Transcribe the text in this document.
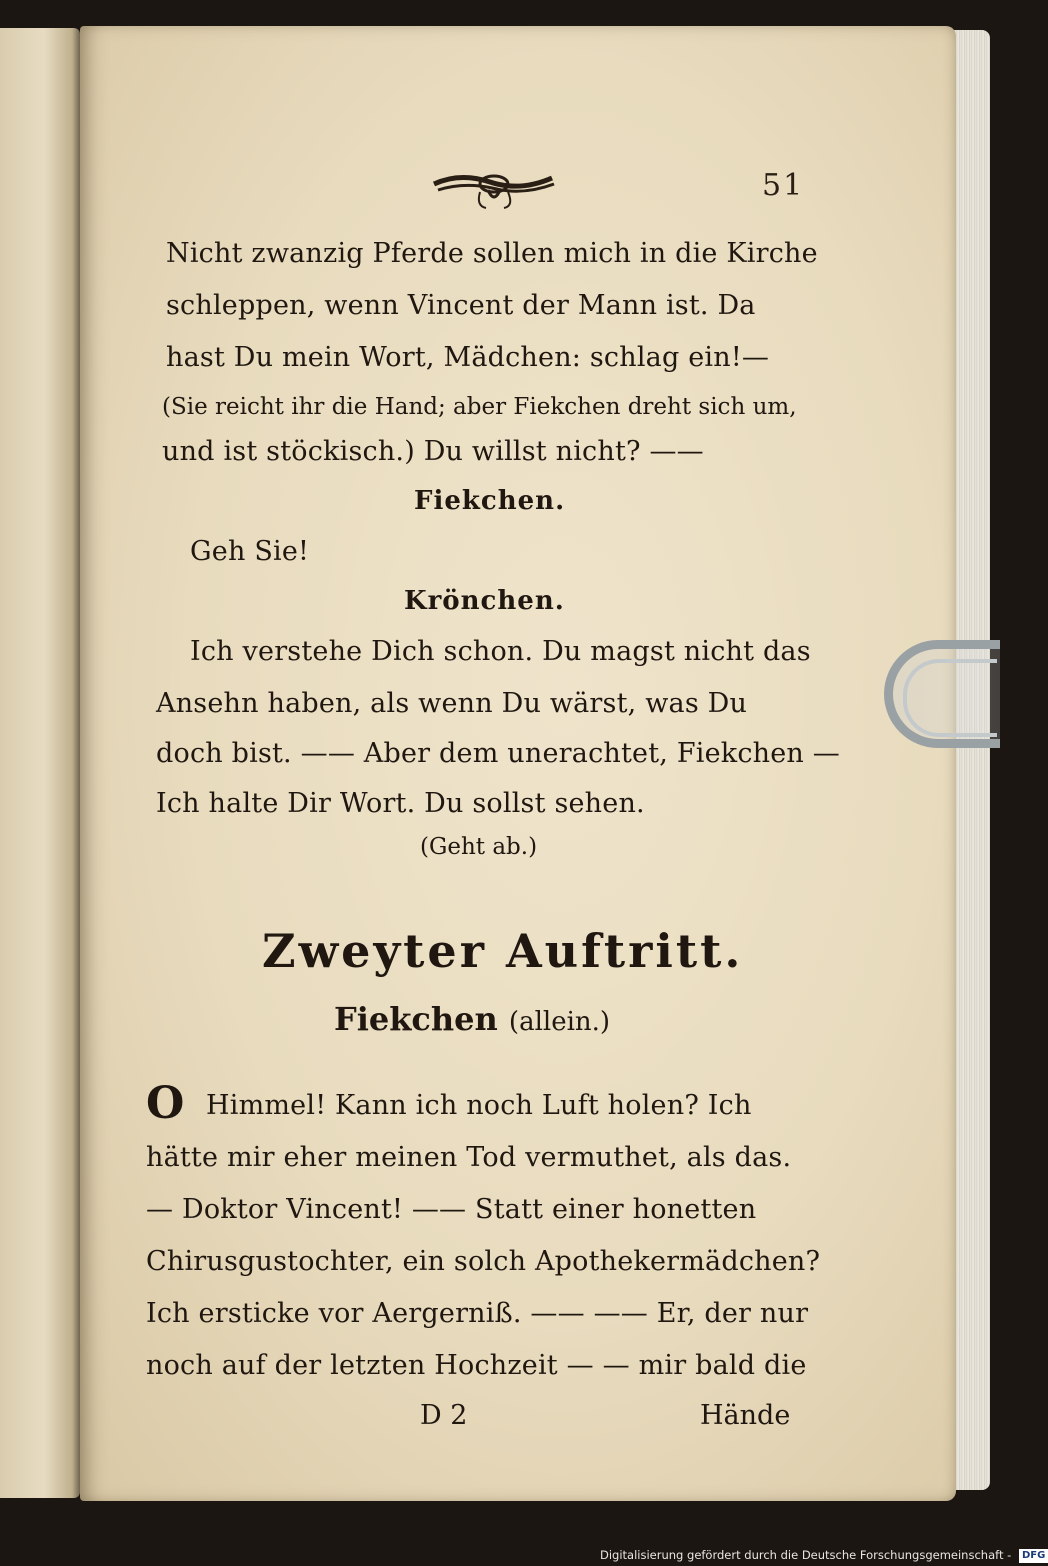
51
Nicht zwanzig Pferde sollen mich in die Kirche
schleppen, wenn Vincent der Mann ist. Da
hast Du mein Wort, Mädchen: schlag ein!—
(Sie reicht ihr die Hand; aber Fiekchen dreht sich um,
und ist stöckisch.) Du willst nicht? ——
Fiekchen.
Geh Sie!
Krönchen.
Ich verstehe Dich schon. Du magst nicht das
Ansehn haben, als wenn Du wärst, was Du
doch bist. —— Aber dem unerachtet, Fiekchen —
Ich halte Dir Wort. Du sollst sehen.
(Geht ab.)
Zweyter Auftritt.
Fiekchen (allein.)
O Himmel! Kann ich noch Luft holen? Ich
hätte mir eher meinen Tod vermuthet, als das.
— Doktor Vincent! —— Statt einer honetten
Chirusgustochter, ein solch Apothekermädchen?
Ich ersticke vor Aergerniß. —— —— Er, der nur
noch auf der letzten Hochzeit — — mir bald die
D 2	Hände
Digitalisierung gefördert durch die Deutsche Forschungsgemeinschaft - DFG
